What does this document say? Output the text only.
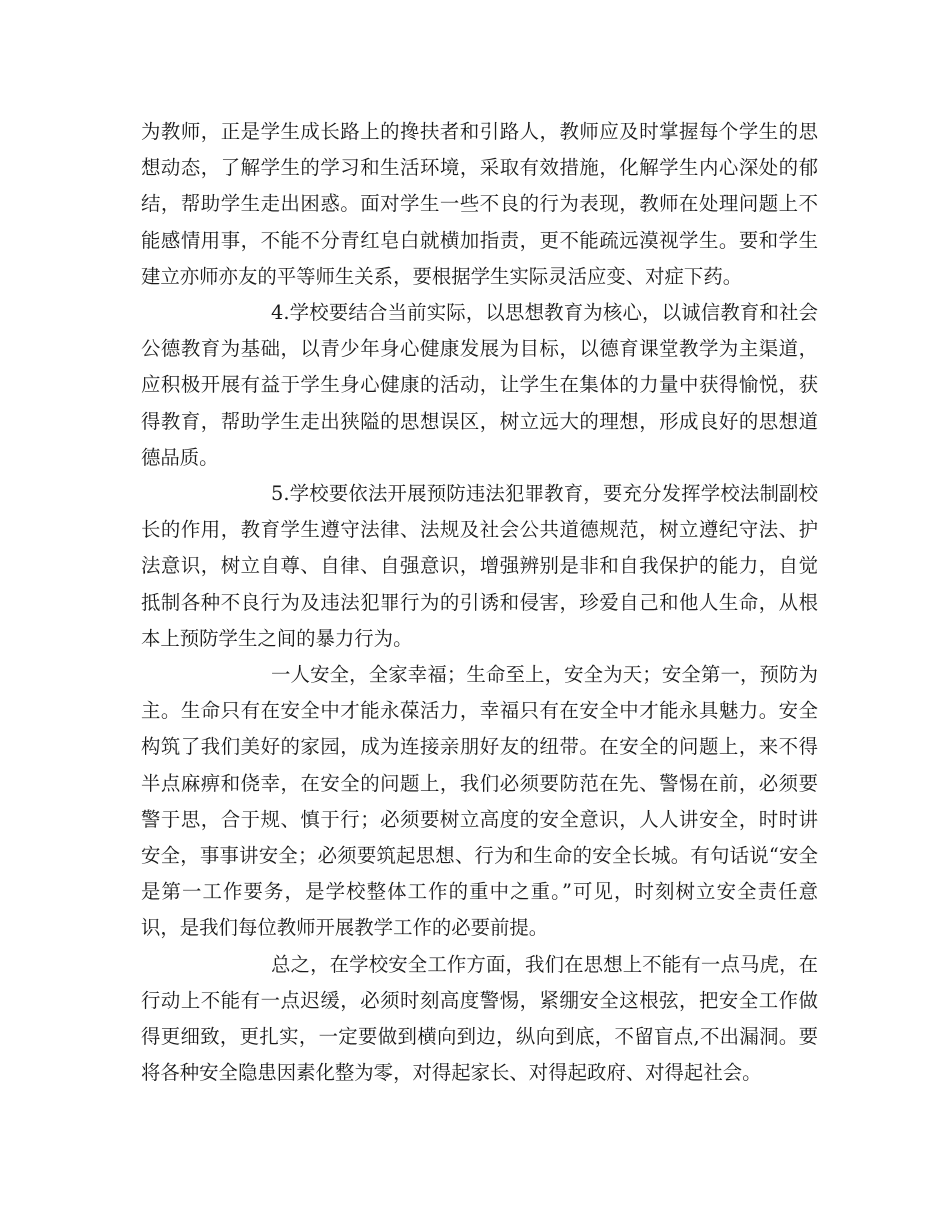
为教师，正是学生成长路上的搀扶者和引路人，教师应及时掌握每个学生的思想动态，了解学生的学习和生活环境，采取有效措施，化解学生内心深处的郁结，帮助学生走出困惑。面对学生一些不良的行为表现，教师在处理问题上不能感情用事，不能不分青红皂白就横加指责，更不能疏远漠视学生。要和学生建立亦师亦友的平等师生关系，要根据学生实际灵活应变、对症下药。

4.学校要结合当前实际，以思想教育为核心，以诚信教育和社会公德教育为基础，以青少年身心健康发展为目标，以德育课堂教学为主渠道，应积极开展有益于学生身心健康的活动，让学生在集体的力量中获得愉悦，获得教育，帮助学生走出狭隘的思想误区，树立远大的理想，形成良好的思想道德品质。

5.学校要依法开展预防违法犯罪教育，要充分发挥学校法制副校长的作用，教育学生遵守法律、法规及社会公共道德规范，树立遵纪守法、护法意识，树立自尊、自律、自强意识，增强辨别是非和自我保护的能力，自觉抵制各种不良行为及违法犯罪行为的引诱和侵害，珍爱自己和他人生命，从根本上预防学生之间的暴力行为。

一人安全，全家幸福；生命至上，安全为天；安全第一，预防为主。生命只有在安全中才能永葆活力，幸福只有在安全中才能永具魅力。安全构筑了我们美好的家园，成为连接亲朋好友的纽带。在安全的问题上，来不得半点麻痹和侥幸，在安全的问题上，我们必须要防范在先、警惕在前，必须要警于思，合于规、慎于行；必须要树立高度的安全意识，人人讲安全，时时讲安全，事事讲安全；必须要筑起思想、行为和生命的安全长城。有句话说“安全是第一工作要务，是学校整体工作的重中之重。”可见，时刻树立安全责任意识，是我们每位教师开展教学工作的必要前提。

总之，在学校安全工作方面，我们在思想上不能有一点马虎，在行动上不能有一点迟缓，必须时刻高度警惕，紧绷安全这根弦，把安全工作做得更细致，更扎实，一定要做到横向到边，纵向到底，不留盲点,不出漏洞。要将各种安全隐患因素化整为零，对得起家长、对得起政府、对得起社会。
